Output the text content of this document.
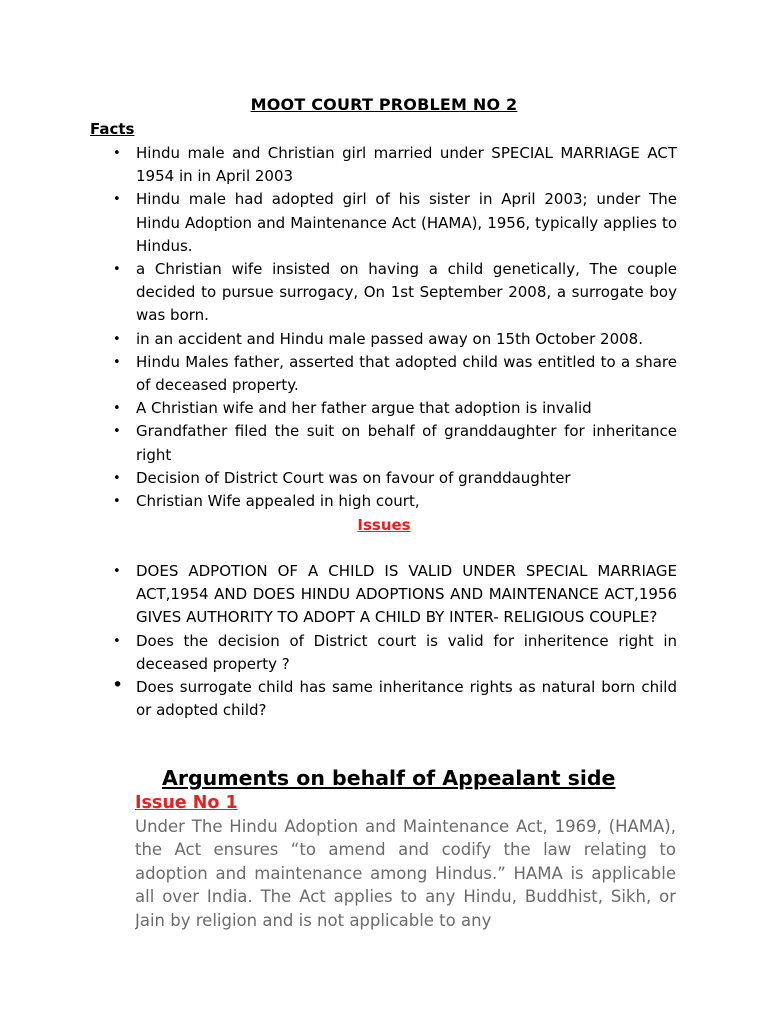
MOOT COURT PROBLEM NO 2
Facts
• Hindu male and Christian girl married under SPECIAL MARRIAGE ACT 1954 in in April 2003
• Hindu male had adopted girl of his sister in April 2003; under The Hindu Adoption and Maintenance Act (HAMA), 1956, typically applies to Hindus.
• a Christian wife insisted on having a child genetically, The couple decided to pursue surrogacy, On 1st September 2008, a surrogate boy was born.
• in an accident and Hindu male passed away on 15th October 2008.
• Hindu Males father, asserted that adopted child was entitled to a share of deceased property.
• A Christian wife and her father argue that adoption is invalid
• Grandfather filed the suit on behalf of granddaughter for inheritance right
• Decision of District Court was on favour of granddaughter
• Christian Wife appealed in high court,
Issues
• DOES ADPOTION OF A CHILD IS VALID UNDER SPECIAL MARRIAGE ACT,1954 AND DOES HINDU ADOPTIONS AND MAINTENANCE ACT,1956 GIVES AUTHORITY TO ADOPT A CHILD BY INTER- RELIGIOUS COUPLE?
• Does the decision of District court is valid for inheritence right in deceased property ?
• Does surrogate child has same inheritance rights as natural born child or adopted child?
Arguments on behalf of Appealant side
Issue No 1
Under The Hindu Adoption and Maintenance Act, 1969, (HAMA), the Act ensures “to amend and codify the law relating to adoption and maintenance among Hindus.” HAMA is applicable all over India. The Act applies to any Hindu, Buddhist, Sikh, or Jain by religion and is not applicable to any
